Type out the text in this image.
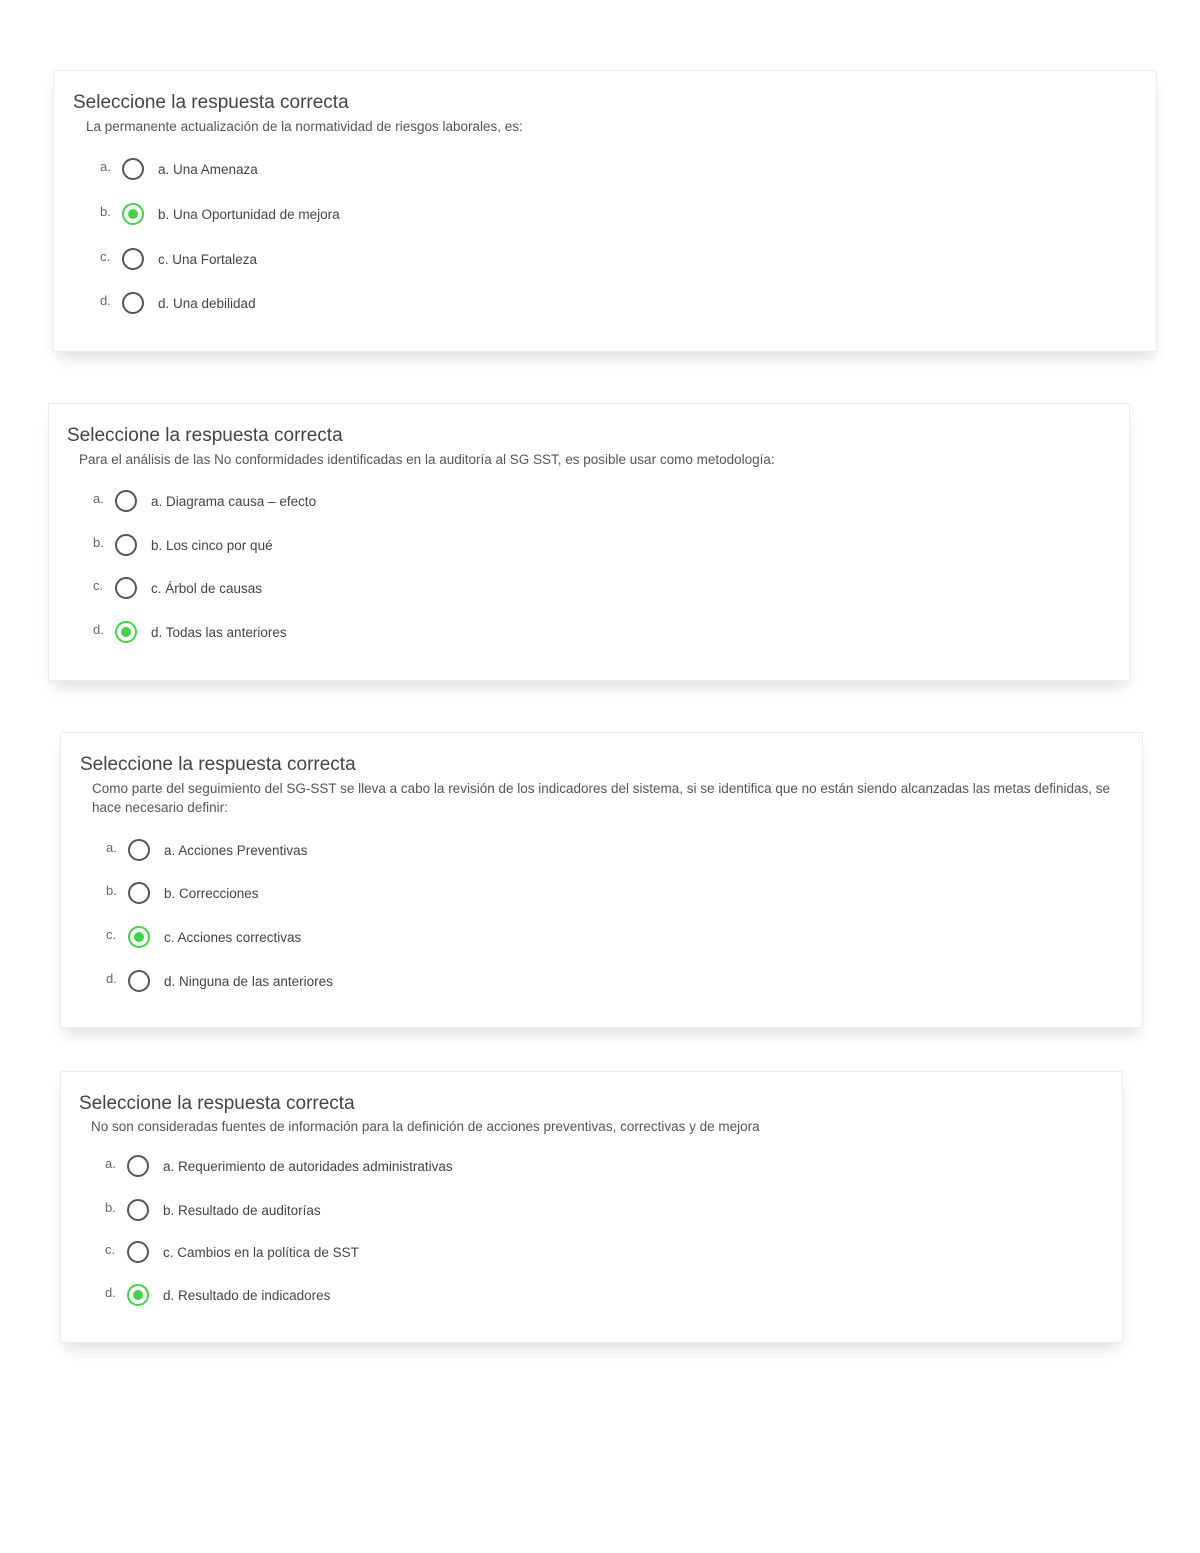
Seleccione la respuesta correcta
La permanente actualización de la normatividad de riesgos laborales, es:
a.	a. Una Amenaza
b.	b. Una Oportunidad de mejora
c.	c. Una Fortaleza
d.	d. Una debilidad
Seleccione la respuesta correcta
Para el análisis de las No conformidades identificadas en la auditoría al SG SST, es posible usar como metodología:
a.	a. Diagrama causa – efecto
b.	b. Los cinco por qué
c.	c. Árbol de causas
d.	d. Todas las anteriores
Seleccione la respuesta correcta
Como parte del seguimiento del SG-SST se lleva a cabo la revisión de los indicadores del sistema, si se identifica que no están siendo alcanzadas las metas definidas, se hace necesario definir:
a.	a. Acciones Preventivas
b.	b. Correcciones
c.	c. Acciones correctivas
d.	d. Ninguna de las anteriores
Seleccione la respuesta correcta
No son consideradas fuentes de información para la definición de acciones preventivas, correctivas y de mejora
a.	a. Requerimiento de autoridades administrativas
b.	b. Resultado de auditorías
c.	c. Cambios en la política de SST
d.	d. Resultado de indicadores
